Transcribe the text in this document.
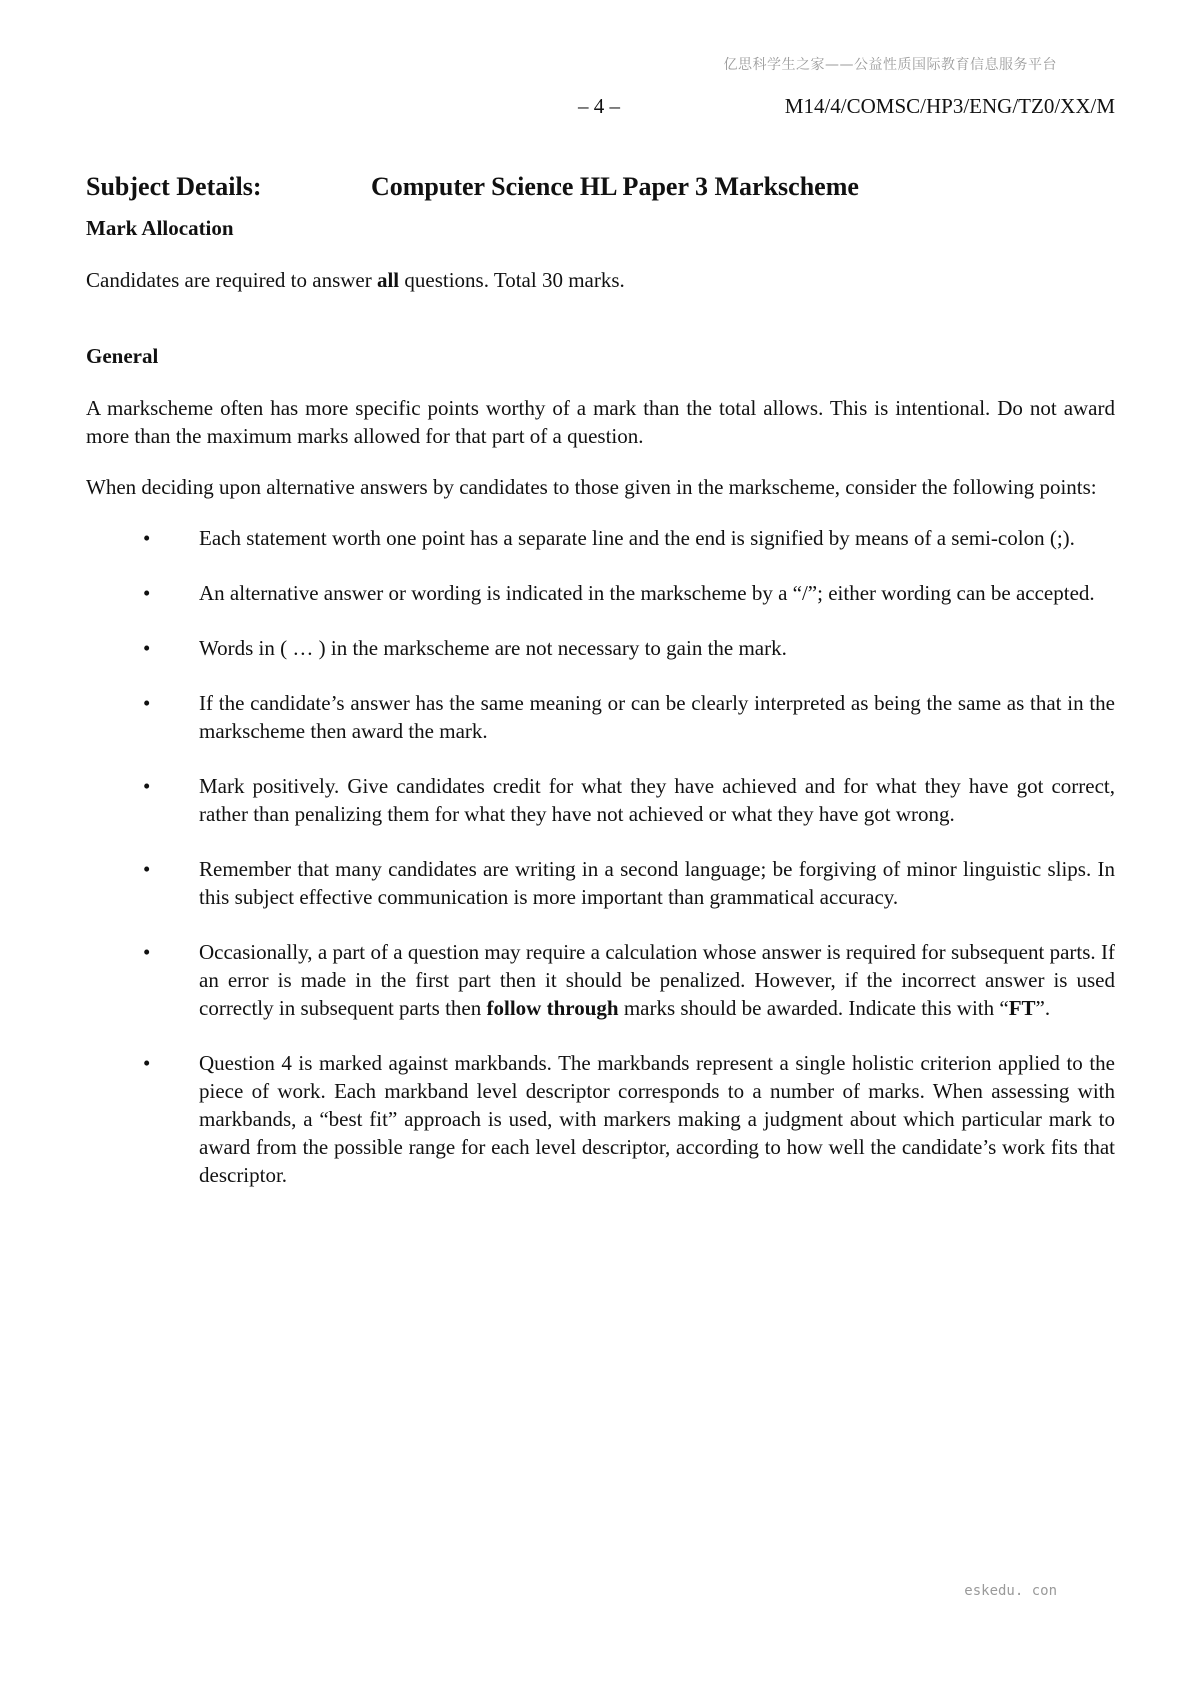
亿思科学生之家——公益性质国际教育信息服务平台
– 4 –	M14/4/COMSC/HP3/ENG/TZ0/XX/M
Subject Details:	Computer Science HL Paper 3 Markscheme
Mark Allocation

Candidates are required to answer all questions. Total 30 marks.

General

A markscheme often has more specific points worthy of a mark than the total allows. This is intentional. Do not award more than the maximum marks allowed for that part of a question.

When deciding upon alternative answers by candidates to those given in the markscheme, consider the following points:

• Each statement worth one point has a separate line and the end is signified by means of a semi-colon (;).
• An alternative answer or wording is indicated in the markscheme by a “/”; either wording can be accepted.
• Words in ( … ) in the markscheme are not necessary to gain the mark.
• If the candidate’s answer has the same meaning or can be clearly interpreted as being the same as that in the markscheme then award the mark.
• Mark positively. Give candidates credit for what they have achieved and for what they have got correct, rather than penalizing them for what they have not achieved or what they have got wrong.
• Remember that many candidates are writing in a second language; be forgiving of minor linguistic slips. In this subject effective communication is more important than grammatical accuracy.
• Occasionally, a part of a question may require a calculation whose answer is required for subsequent parts. If an error is made in the first part then it should be penalized. However, if the incorrect answer is used correctly in subsequent parts then follow through marks should be awarded. Indicate this with “FT”.
• Question 4 is marked against markbands. The markbands represent a single holistic criterion applied to the piece of work. Each markband level descriptor corresponds to a number of marks. When assessing with markbands, a “best fit” approach is used, with markers making a judgment about which particular mark to award from the possible range for each level descriptor, according to how well the candidate’s work fits that descriptor.
eskedu. con
